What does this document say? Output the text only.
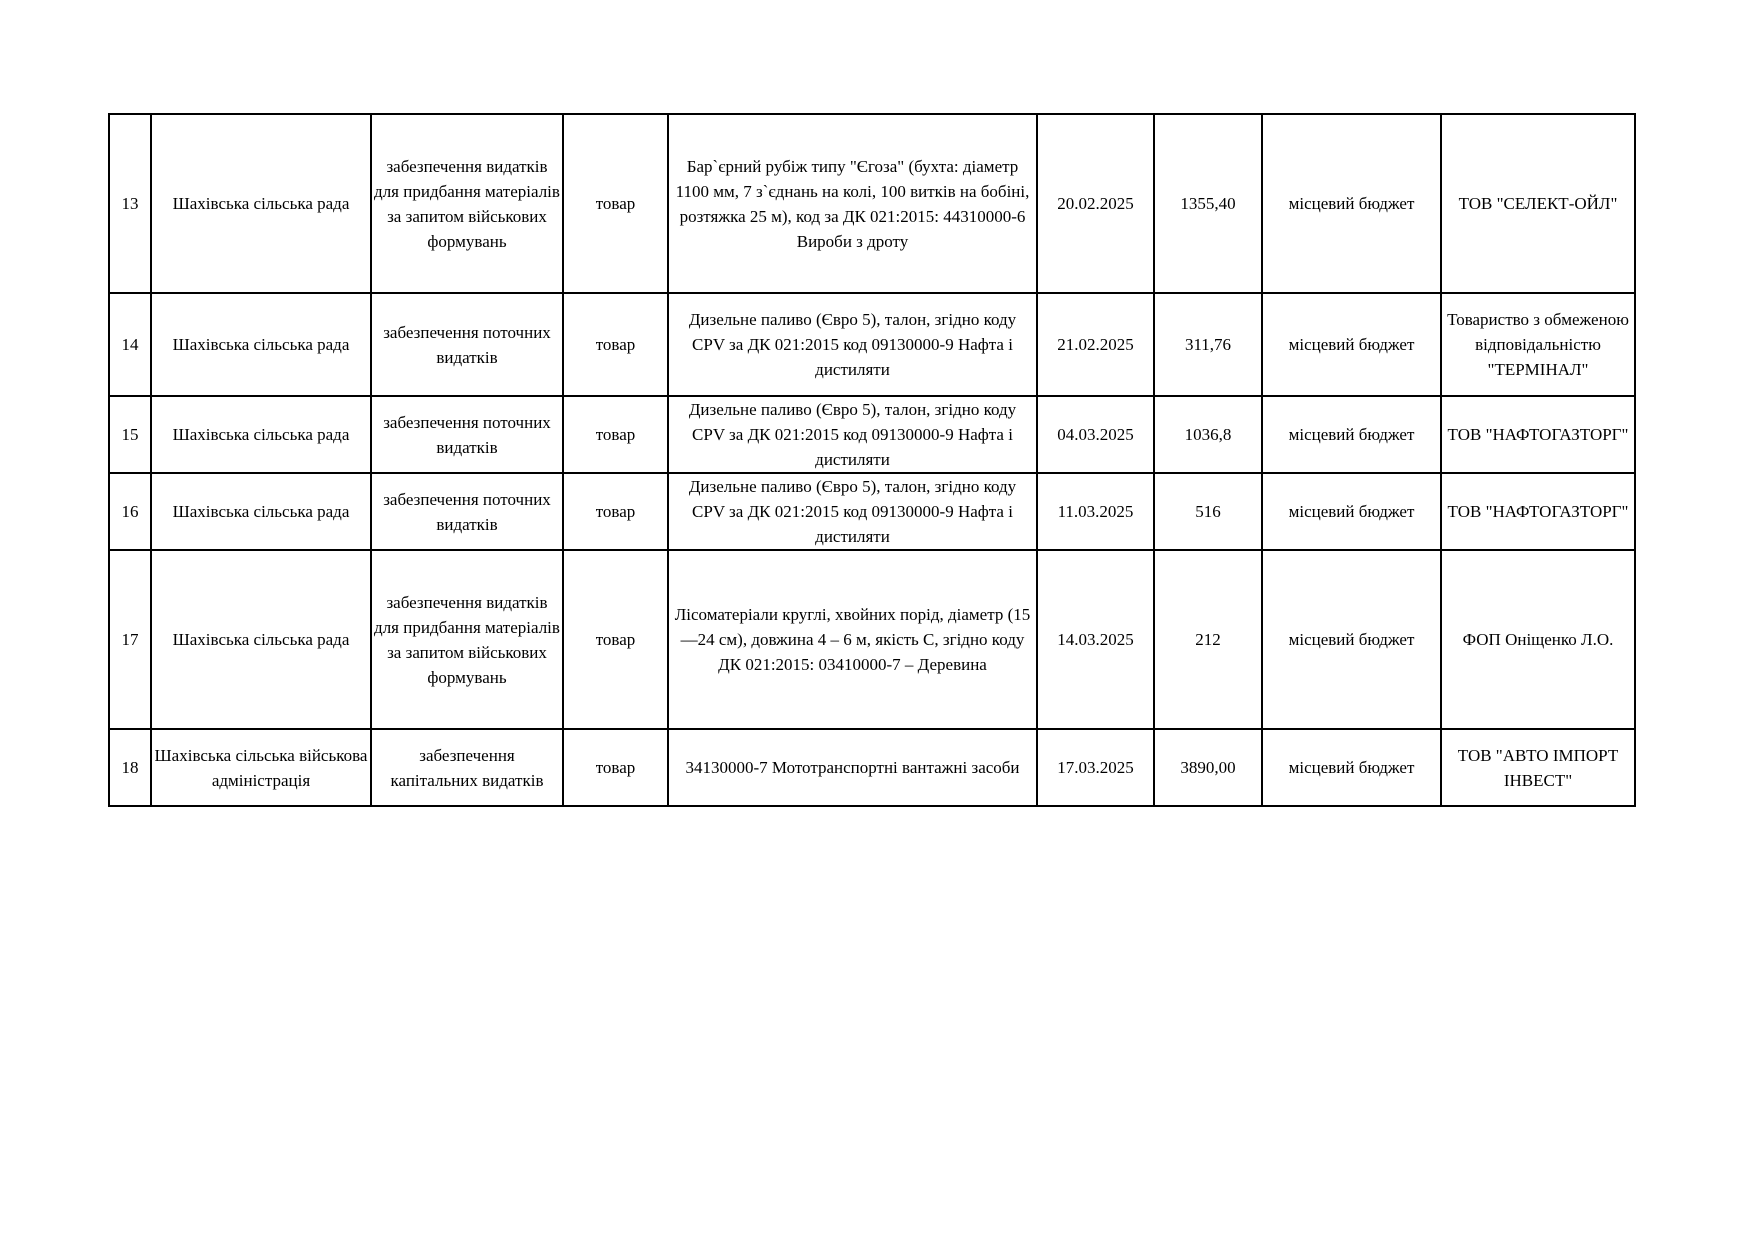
13	Шахівська сільська рада	забезпечення видатків для придбання матеріалів за запитом військових формувань	товар	Бар`єрний рубіж типу "Єгоза" (бухта: діаметр 1100 мм, 7 з`єднань на колі, 100 витків на бобіні, розтяжка 25 м), код за ДК 021:2015: 44310000-6 Вироби з дроту	20.02.2025	1355,40	місцевий бюджет	ТОВ "СЕЛЕКТ-ОЙЛ"
14	Шахівська сільська рада	забезпечення поточних видатків	товар	Дизельне паливо (Євро 5), талон, згідно коду CPV за ДК 021:2015 код 09130000-9 Нафта і дистиляти	21.02.2025	311,76	місцевий бюджет	Товариство з обмеженою відповідальністю "ТЕРМІНАЛ"
15	Шахівська сільська рада	забезпечення поточних видатків	товар	Дизельне паливо (Євро 5), талон, згідно коду CPV за ДК 021:2015 код 09130000-9 Нафта і дистиляти	04.03.2025	1036,8	місцевий бюджет	ТОВ "НАФТОГАЗТОРГ"
16	Шахівська сільська рада	забезпечення поточних видатків	товар	Дизельне паливо (Євро 5), талон, згідно коду CPV за ДК 021:2015 код 09130000-9 Нафта і дистиляти	11.03.2025	516	місцевий бюджет	ТОВ "НАФТОГАЗТОРГ"
17	Шахівська сільська рада	забезпечення видатків для придбання матеріалів за запитом військових формувань	товар	Лісоматеріали круглі, хвойних порід, діаметр (15—24 см), довжина 4 – 6 м, якість С, згідно коду ДК 021:2015: 03410000-7 – Деревина	14.03.2025	212	місцевий бюджет	ФОП Оніщенко Л.О.
18	Шахівська сільська військова адміністрація	забезпечення капітальних видатків	товар	34130000-7 Мототранспортні вантажні засоби	17.03.2025	3890,00	місцевий бюджет	ТОВ "АВТО ІМПОРТ ІНВЕСТ"
